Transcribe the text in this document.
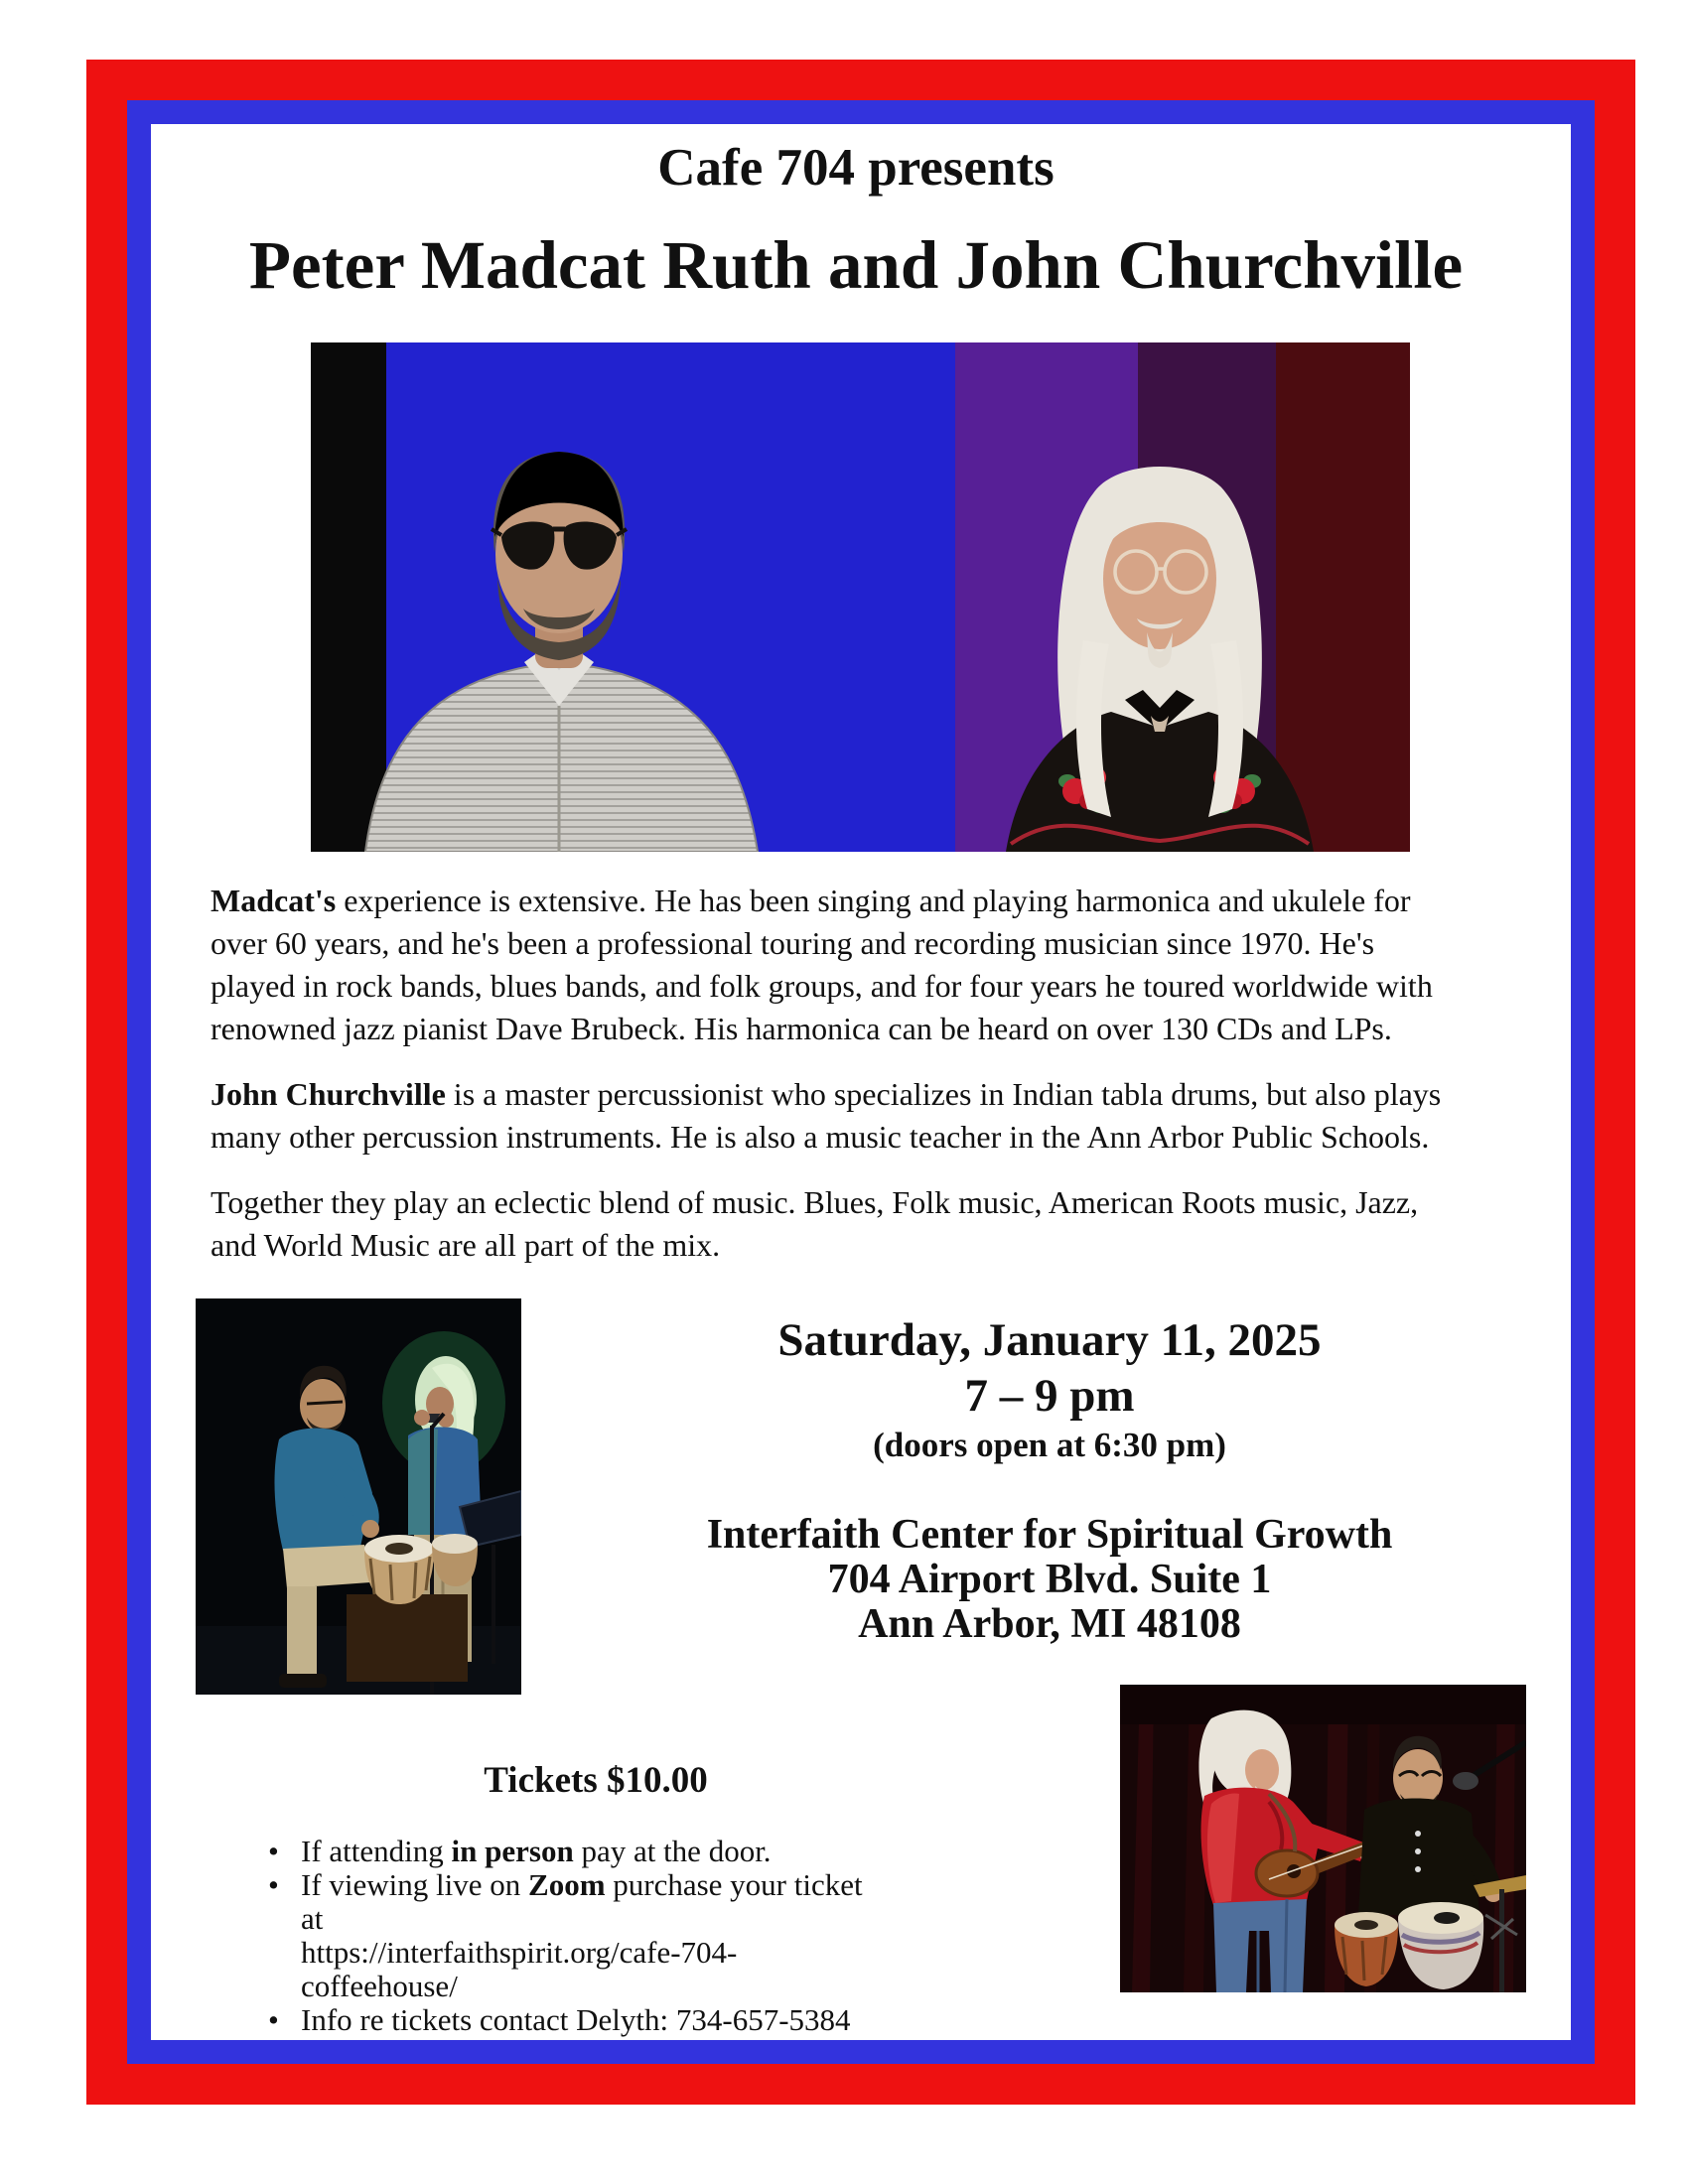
Cafe 704 presents
Peter Madcat Ruth and John Churchville

Madcat's experience is extensive. He has been singing and playing harmonica and ukulele for over 60 years, and he's been a professional touring and recording musician since 1970. He's played in rock bands, blues bands, and folk groups, and for four years he toured worldwide with renowned jazz pianist Dave Brubeck. His harmonica can be heard on over 130 CDs and LPs.

John Churchville is a master percussionist who specializes in Indian tabla drums, but also plays many other percussion instruments. He is also a music teacher in the Ann Arbor Public Schools.

Together they play an eclectic blend of music. Blues, Folk music, American Roots music, Jazz, and World Music are all part of the mix.

Saturday, January 11, 2025
7 – 9 pm
(doors open at 6:30 pm)
Interfaith Center for Spiritual Growth
704 Airport Blvd. Suite 1
Ann Arbor, MI 48108
Tickets $10.00
• If attending in person pay at the door.
• If viewing live on Zoom purchase your ticket at
https://interfaithspirit.org/cafe-704-coffeehouse/
• Info re tickets contact Delyth: 734-657-5384
